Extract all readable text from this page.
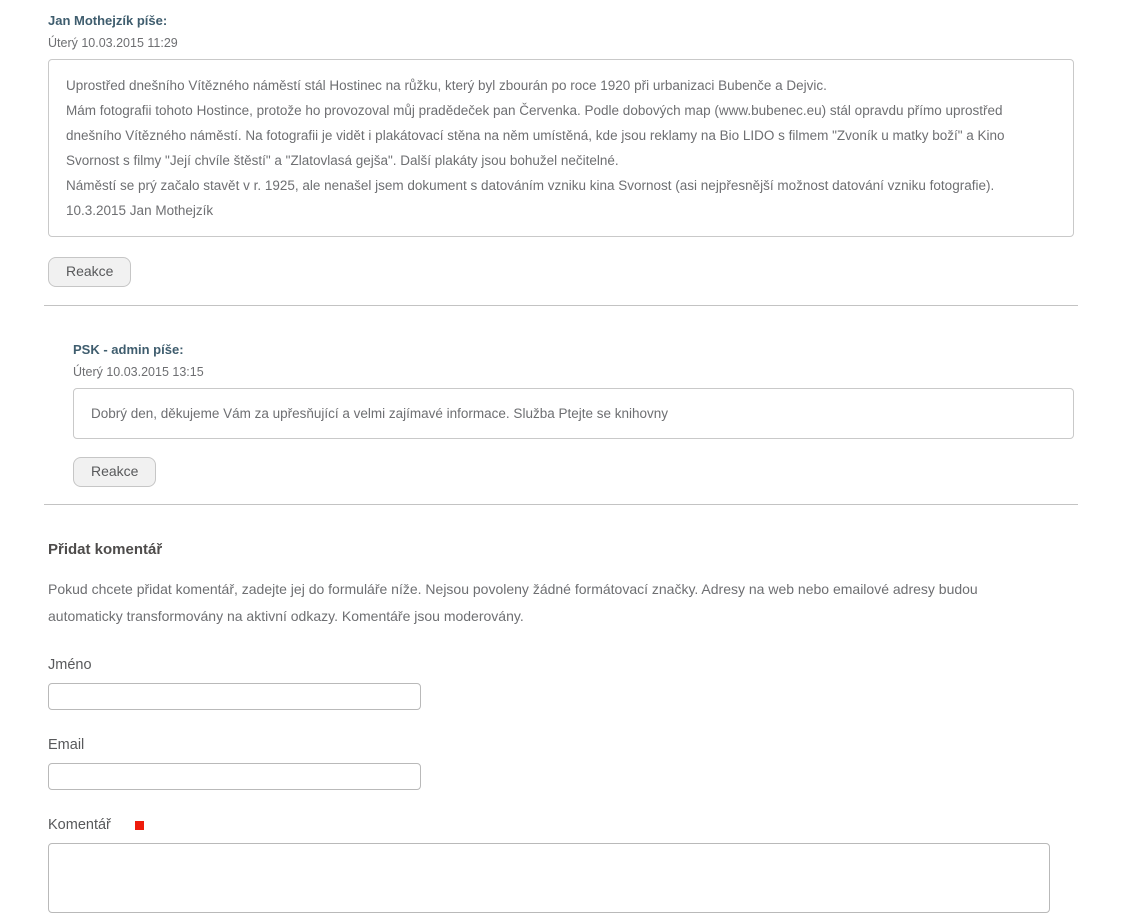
Jan Mothejzík píše:
Úterý 10.03.2015 11:29

Uprostřed dnešního Vítězného náměstí stál Hostinec na růžku, který byl zbourán po roce 1920 při urbanizaci Bubenče a Dejvic.

Mám fotografii tohoto Hostince, protože ho provozoval můj pradědeček pan Červenka. Podle dobových map (www.bubenec.eu) stál opravdu přímo uprostřed dnešního Vítězného náměstí. Na fotografii je vidět i plakátovací stěna na něm umístěná, kde jsou reklamy na Bio LIDO s filmem "Zvoník u matky boží" a Kino Svornost s filmy "Její chvíle štěstí" a "Zlatovlasá gejša". Další plakáty jsou bohužel nečitelné.

Náměstí se prý začalo stavět v r. 1925, ale nenašel jsem dokument s datováním vzniku kina Svornost (asi nejpřesnější možnost datování vzniku fotografie).

10.3.2015 Jan Mothejzík

Reakce
PSK - admin píše:
Úterý 10.03.2015 13:15

Dobrý den, děkujeme Vám za upřesňující a velmi zajímavé informace. Služba Ptejte se knihovny

Reakce
Přidat komentář
Pokud chcete přidat komentář, zadejte jej do formuláře níže. Nejsou povoleny žádné formátovací značky. Adresy na web nebo emailové adresy budou automaticky transformovány na aktivní odkazy. Komentáře jsou moderovány.
Jméno
Email
Komentář
